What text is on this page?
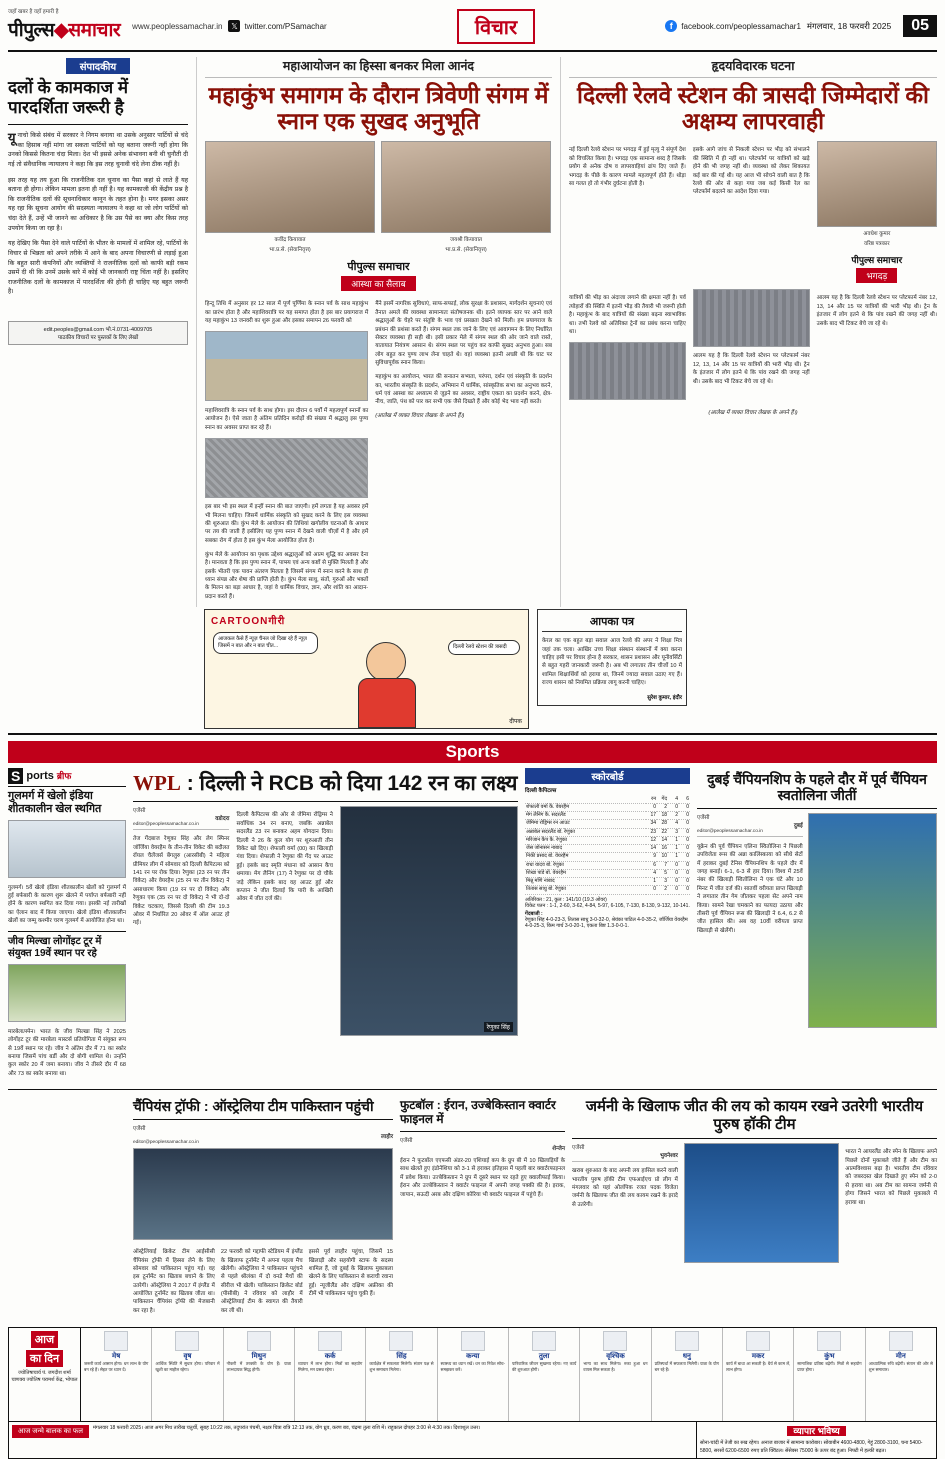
जहाँ खबर है वहाँ हमारी है
पीपुल्स◆समाचार www.peoplessamachar.in	𝕏 twitter.com/PSamachar	विचार	f	facebook.com/peoplessamachar1 मंगलवार, 18 फरवरी 2025	05
संपादकीय
दलों के कामकाज में पारदर्शिता जरूरी है

यूनाचो किसे संबंध में सरकार ने निगम बनाया था उसके अनुसार पार्टियों से चंदे का हिसाब नहीं मांगा जा सकता पार्टियों को यह बताना जरूरी नहीं होगा कि उनको किससे कितना चंदा मिला। देश भी इससे अनेक संभावना बनी थी चुनौती दी गई तो संवैधानिक न्यायालय ने कहा कि इस तरह चुनावी चंदे लेना ठीक नहीं है।

इस तरह यह तय हुआ कि राजनीतिक दल चुनाव का पैसा कहां से लाते हैं यह बताना ही होगा। लेकिन मामला इतना ही नहीं है। यह कामकाजी की केंद्रीय प्रश्न है कि राजनीतिक दलों की सूचनाधिकार कानून के तहत होना है। मगर इसका असर यह रहा कि सूचना आयोग की सदस्यता न्यायालय ने कहा था जो लोग पार्टियों को चंदा देते हैं, उन्हें भी जानने का अधिकार है कि उस पैसे का क्या और किस तरह उपयोग किया जा रहा है।

यह देखिए कि पैसा देने वाले पार्टियों के भीतर के मामलों में शामिल रहे, पार्टियों के विचार से भिन्नता को अपने तरीके में आने के बाद अपना विचारणी से लड़ाई हुआ कि बहुत सारी कंपनियों और व्यक्तियों ने राजनीतिक दलों को काफी बड़ी रकम उसमें दी थी कि उनमें उसके बारे में कोई भी जानकारी राष्ट्र चिंता नहीं है। इसलिए राजनीतिक दलों के कामकाज में पारदर्शिता की होनी ही चाहिए यह बहुत जरूरी है।

edit.peoples@gmail.com भो.नं.0731-4009705
पाठकीय विचारों पर पुस्तकों के लिए लेखों
महाआयोजन का हिस्सा बनकर मिला आनंद
महाकुंभ समागम के दौरान त्रिवेणी संगम में स्नान एक सुखद अनुभूति
कवींद्र कियावात
भा.प्र.से. (सेवानिवृत्त)
जयश्री कियावात
भा.प्र.से. (सेवानिवृत्त)
पीपुल्स समाचार
आस्था का सैलाब

हिन्दू तिथि में अनुसार हर 12 साल में पूर्ण पूर्णिमा के स्नान पर्व के साथ महाकुंभ का प्रारंभ होता है और महाशिवरात्रि पर यह समाप्त होता है इस बार प्रयागराज में यह महाकुंभ 13 जनवरी का शुरू हुआ और इसका समापन 26 फरवरी को

महाशिवरात्रि के स्नान पर्व के साथ होगा। इस दौरान 6 पर्वों में महत्वपूर्ण स्नानों का आयोजन है। ऐसे जाता है अंतिम प्रतिदिन करोड़ों की संख्या में श्रद्धालु इस पुण्य स्नान का अवसर प्राप्त कर रहे हैं।

इस बार भी इस स्थल में इन्हीं स्नान की बात जाएगी। हमें लगता है यह अवसर हमें भी मिलना चाहिए। जिसमें धार्मिक संस्कृति को सुखद करने के लिए इस व्यवस्था की शुरुआत की। कुंभ मेले के आयोजन की तिथियां खगोलीय घटनाओं के आधार पर तय की जाती हैं इसीलिए यह पुण्य स्नान में देखने वाली चीज़ों में है और हमें सबका रोग में होता है इस कुंभ मेला आयोजित होता है।

कुंभ मेले के आयोजन का पृथक उद्देश्य श्रद्धालुओं को आत्म शुद्धि का अवसर देना है। मानवता है कि इस पुण्य स्नान में, पाप्स्य एवं अन्य कष्टों से मुक्ति मिलती है और इसके भीतरी एक पावन अंतरण मिलता है जिसमें संगम में स्नान करने के साथ ही ध्यान संपन्न और शेषा की प्राप्ति होती है। कुंभ मेला साधु, संतों, गुरुओं और भक्तों के मिलन का बड़ा आधार है, जहां वे धार्मिक विचार, ज्ञान, और शांति का आदान-प्रदान करते हैं।

मैंने इसमें नागरिक सुविधाएं, साफ-सफाई, लोक सुरक्षा के प्रशासन, मार्गदर्शन सूचनाएं एवं तैनात अमले की व्यवस्था सामान्यतः संतोषजनक थी। इतने व्यापक स्तर पर आने वाले श्रद्धालुओं के चेहरे पर संतुष्टि के भाव एवं प्रसन्नता देखने को मिली। हम प्रयागराज के प्रबंधन की प्रशंसा करते हैं। संगम स्थल तक जाने के लिए एवं आवागमन के लिए निर्धारित सेक्टर व्यवस्था ही सही थी। इसी प्रकार मेले में संगम स्थल की ओर जाने वाले रास्ते, यातायात नियंत्रण आसान थे। संगम स्थल पर पहुंच कर काफी सुखद अनुभव हुआ। सब लोग बहुत कर पुण्य लाभ लेना चाहते थे। वहां व्यवस्था इतनी अच्छी थी कि घाट पर सुविधापूर्वक स्नान किया।

महाकुंभ का आयोजन, भारत की सनातन सभ्यता, परंपरा, दर्शन एवं संस्कृति के प्रदर्शन का, भारतीय संस्कृति के प्रदर्शन, अभिमान में धार्मिक, सांस्कृतिक सभा का अनुभव करने, धर्म एवं आस्था का अध्यात्म से जुड़ने का अवसर, राष्ट्रीय एकता का प्रदर्शन करने, क्षेत्र-नीच, जाति, पंथ को पार कर सभी एक जैसे दिखते हैं और कोई भेद भाव नहीं करते।

(आलेख में व्यक्त विचार लेखक के अपने हैं।)

हृदयविदारक घटना
दिल्ली रेलवे स्टेशन की त्रासदी जिम्मेदारों की अक्षम्य लापरवाही

नई दिल्ली रेलवे स्टेशन पर भगदड़ में हुई मृत्यु ने संपूर्ण देश को विचलित किया है। भगदड़ एक सामान्य शब्द है जिसके प्रयोग से अनेक दोष व लापरवाहियां ढांप दिए जाते हैं। भगदड़ के पीछे के कारण मामले महत्वपूर्ण होते हैं। थोड़ा सा गलत हो तो गंभीर दुर्घटना होती है।

इसके आगे जांच से निकली स्टेशन पर भीड़ को संभालने की स्थिति में ही नहीं था। प्लेटफॉर्म पर यात्रियों को खड़े होने की भी जगह नहीं थी। व्यवस्था को लेकर शिकायत कई बार की गई थी। यह आज भी सोचने वाली बात है कि रेलवे की ओर से कहा गया जब कई किसी रेल का प्लेटफॉर्म बदलने का आदेश दिया गया।

अवधेश कुमार
वरिष्ठ पत्रकार
पीपुल्स समाचार
भगदड़

यात्रियों की भीड़ का अंदाजा लगाने की क्षमता नहीं है। पर्व त्योहारों की स्थिति में इतनी भीड़ की तैयारी भी जरूरी होती है। महाकुंभ के बाद यात्रियों की संख्या बढ़ना स्वाभाविक था। तभी रेलवे को अतिरिक्त ट्रेनों का प्रबंध करना चाहिए था।

आलम यह है कि दिल्ली रेलवे स्टेशन पर प्लेटफार्म नंबर 12, 13, 14 और 15 पर यात्रियों की भारी भीड़ थी। ट्रेन के इंतजार में लोग इतने थे कि पांव रखने की जगह नहीं थी। उसके बाद भी टिकट बेचे जा रहे थे।

आलम यह है कि दिल्ली रेलवे स्टेशन पर प्लेटफार्म नंबर 12, 13, 14 और 15 पर यात्रियों की भारी भीड़ थी। ट्रेन के इंतजार में लोग इतने थे कि पांव रखने की जगह नहीं थी। उसके बाद भी टिकट बेचे जा रहे थे।

(आलेख में व्यक्त विचार लेखक के अपने हैं।)

CARTOONगीरी
आजकल कैसे हैं न्यूज़ चैनल जो दिखा रहे हैं न्यूज़ जिसमें न बात और न बात चीत...	दिल्ली रेलवे स्टेशन की त्रासदी
दीपक
आपका पत्र

केरल का एक बहुत बड़ा सवाल आज रेलवे की अपर ने शिक्षा मित्र जहां तक चला। आखिर उच्च शिक्षा संस्थान संस्थानों में क्या करना चाहिए इसी पर विचार होना है सरकार, शासन प्रशासन और यूनीवर्सिटी से बहुत गहरी जानकारी जरूरी है। अब भी लगातार तीन चीजों 10 में शामिल शिक्षार्थियों को हराया था, जिनमें ज्यादा सवाल उठाए गए हैं। राज्य शासन को नियमित प्रक्रिया लागू करनी चाहिए।

सुरेश कुमार, इंदौर
Sports
S ports ब्रीफ
गुलमर्ग में खेलो इंडिया शीतकालीन खेल स्थगित

गुलमर्ग। 5वें खेलो इंडिया शीतकालीन खेलों को गुलमर्ग में हुई बर्फबारी के कारण शुरू खेलने में पर्याप्त बर्फबारी नहीं होने के कारण स्थगित कर दिया गया। इसकी नई तारीखों का ऐलान बाद में किया जाएगा। खेलो इंडिया शीतकालीन खेलों का जम्मू कश्मीर चरण गुलमर्ग में आयोजित होना था।

जीव मिल्खा लोगोंइट टूर में संयुक्त 19वें स्थान पर रहे

मारबेला/स्पेन। भारत के जीव मिल्खा सिंह ने 2025 लोगोंइट टूर की मारबेला मास्टर्स प्रतियोगिता में संयुक्त रूप से 19वें स्थान पर रहे। जीव ने अंतिम दौर में 71 का स्कोर बनाया जिसमें पांच बर्डी और दो बोगी शामिल थे। उन्होंने कुल स्कोर 20 में जमा बनाया। जीव ने तीसरे दौर में 68 और 73 का स्कोर बनाया था।

WPL : दिल्ली ने RCB को दिया 142 रन का लक्ष्य
एजेंसी
वडोदरा
editor@peoplessamachar.co.in

तेज गेंदबाज रेणुका सिंह और लेग स्पिनर जॉर्जिया वेयरहैम के तीन-तीन विकेट की बदौलत रॉयल चैलेंजर्स बेंगलुरु (आरसीबी) ने महिला प्रीमियर लीग में सोमवार को दिल्ली कैपिटल्स को 141 रन पर रोक दिया। रेणुका (23 रन पर तीन विकेट) और वेयरहैम (25 रन पर तीन विकेट) ने असाधारण किया (19 रन पर दो विकेट) और रेणुका एक (35 रन पर दो विकेट) ने भी दो-दो विकेट चटकाए, जिससे दिल्ली की टीम 19.3 ओवर में निर्धारित 20 ओवर में ऑल आउट हो गई।

दिल्ली कैपिटल्स की ओर से जेमिमा रोड्रिग्स ने सर्वाधिक 34 रन बनाए, जबकि अन्नाबेल सदरलैंड 23 रन बनाकर अहम योगदान दिया। दिल्ली ने 26 के कुल योग पर शुरुआती तीन विकेट खो दिए। शेफाली वर्मा (00) का खिलाड़ी गंवा दिया। शेफाली ने रेणुका की गेंद पर आउट हुई। इसके बाद स्मृति मंधाना को आसान कैच थमाया। मेग लैनिंग (17) ने रेणुका पर दो चौके जड़े लेकिन इसके बाद वह आउट हुई और कप्तान ने जीत दिलाई कि पारी के आखिरी ओवर में जीत दर्ज की।

रेणुका सिंह
स्कोरबोर्ड
दिल्ली कैपिटल्स
	रन	गेंद	4	6
शेफाली वर्मा कै. वेयरहैम	0	2	0	0
मेग लैनिंग कै. सदरलैंड	17	18	2	0
जेमिमा रोड्रिग्स रन आउट	34	28	4	0
अन्नाबेल सदरलैंड बो. रेणुका	23	22	3	0
मरिजान कैप कै. रेणुका	12	14	1	0
जेस जोनासन नाबाद	14	16	1	0
निकी प्रसाद बो. वेयरहैम	9	10	1	0
राधा यादव बो. रेणुका	6	7	0	0
शिखा पांडे बो. वेयरहैम	4	5	0	0
मिन्नू मणि नाबाद	1	3	0	0
तितास साधु बो. रेणुका	0	2	0	0
अतिरिक्त : 21, कुल : 141/10 (19.3 ओवर)
विकेट पतन : 1-1, 2-60, 3-62, 4-84, 5-97, 6-105, 7-130, 8-130, 9-132, 10-141.
गेंदबाजी :
रेणुका सिंह 4-0-23-3, तितास साधु 3-0-32-0, श्रेयंका पाटिल 4-0-35-2, जॉर्जिया वेयरहैम 4-0-25-3, किम गार्थ 3-0-20-1, एकता बिष्ट 1.3-0-0-1.
दुबई चैंपियनशिप के पहले दौर में पूर्व चैंपियन स्वतोलिना जीतीं
एजेंसी
दुबई
editor@peoplessamachar.co.in

यूक्रेन की पूर्व चैंपियन एलिना स्वितोलिना ने पिछली उपविजेता रूस की अन्ना कालिंस्काया को सीधे सेटों में हराकर दुबई टेनिस चैंपियनशिप के पहले दौर में जगह बनाई। 6-1, 6-3 से हार दिया। विश्व में 25वें नंबर की खिलाड़ी स्वितोलिना ने एक घंटे और 10 मिनट में जीत दर्ज की। सातवीं वरीयता प्राप्त खिलाड़ी ने लगातार तीन गेम जीतकर पहला सेट अपने नाम किया। सामने रेखा चमकाने का फायदा उठाया और तीसरी पूर्व चैंपियन रूस की खिलाड़ी ने 6.4, 6.2 से जीत हासिल की। अब वह 10वीं वरीयता प्राप्त खिलाड़ी से खेलेंगी।

चैंपियंस ट्रॉफी : ऑस्ट्रेलिया टीम पाकिस्तान पहुंची
एजेंसी
लाहौर
editor@peoplessamachar.co.in

ऑस्ट्रेलियाई क्रिकेट टीम आईसीसी चैंपियंस ट्रॉफी में हिस्सा लेने के लिए सोमवार को पाकिस्तान पहुंच गई। वह इस टूर्नामेंट का खिताब बचाने के लिए उतरेगी। ऑस्ट्रेलिया ने 2017 में इंग्लैंड में आयोजित टूर्नामेंट का खिताब जीता था। पाकिस्तान चैंपियंस ट्रॉफी की मेजबानी कर रहा है।

22 फरवरी को गद्दाफी स्टेडियम में इंग्लैंड के खिलाफ टूर्नामेंट में अपना पहला मैच खेलेगी। ऑस्ट्रेलिया ने पाकिस्तान पहुंचने से पहले श्रीलंका में दो वनडे मैचों की सीरीज भी खेली। पाकिस्तान क्रिकेट बोर्ड (पीसीबी) ने रविवार को लाहौर में ऑस्ट्रेलियाई टीम के स्वागत की तैयारी कर ली थी।

इससे पूर्व लाहौर पहुंचा, जिसमें 15 खिलाड़ी और सहयोगी स्टाफ के सदस्य शामिल हैं, जो दुबई के खिलाफ मुकाबला खेलने के लिए पाकिस्तान से कराची रवाना हुई। न्यूजीलैंड और दक्षिण अफ्रीका की टीमें भी पाकिस्तान पहुंच चुकी हैं।

फुटबॉल : ईरान, उज्बेकिस्तान क्वार्टर फाइनल में
एजेंसी
शेन्जेन

ईरान ने फुटबॉल एएफसी अंडर-20 एशियाई कप के ग्रुप बी में 10 खिलाड़ियों के साथ खेलते हुए इंडोनेशिया को 3-1 से हराकर इतिहास में पहली बार क्वार्टरफाइनल में प्रवेश किया। उज्बेकिस्तान ने ग्रुप में दूसरे स्थान पर रहते हुए क्वालीफाई किया। ईरान और उज्बेकिस्तान ने क्वार्टर फाइनल में अपनी जगह पक्की की है। इराक, जापान, सऊदी अरब और दक्षिण कोरिया भी क्वार्टर फाइनल में पहुंचे हैं।

जर्मनी के खिलाफ जीत की लय को कायम रखने उतरेगी भारतीय पुरुष हॉकी टीम
एजेंसी
भुवनेश्वर

खराब शुरुआत के बाद अपनी लय हासिल करने वाली भारतीय पुरुष हॉकी टीम एफआईएच प्रो लीग में मंगलवार को यहां ओलंपिक रजत पदक विजेता जर्मनी के खिलाफ जीत की लय कायम रखने के इरादे से उतरेगी।

भारत ने आयरलैंड और स्पेन के खिलाफ अपने पिछले दोनों मुकाबले जीते हैं और टीम का आत्मविश्वास बढ़ा है। भारतीय टीम रविवार को जबरदस्त खेल दिखाते हुए स्पेन को 2-0 से हराया था। अब टीम का सामना जर्मनी से होगा जिसने भारत को पिछले मुकाबले में हराया था।

आज का दिन
ज्योतिषाचार्य पं. जगदीश शर्मा चाणक्य ज्योतिष परामर्श केंद्र, भोपाल
मेष
जरूरी कार्य आसान होगा। धन लाभ के योग बन रहे हैं। सेहत पर ध्यान दें।
वृष
आर्थिक स्थिति में सुधार होगा। परिवार में खुशी का माहौल रहेगा।
मिथुन
नौकरी में तरक्की के योग हैं। यात्रा लाभदायक सिद्ध होगी।
कर्क
व्यापार में लाभ होगा। मित्रों का सहयोग मिलेगा, मन प्रसन्न रहेगा।
सिंह
कार्यक्षेत्र में सफलता मिलेगी। संतान पक्ष से शुभ समाचार मिलेगा।
कन्या
स्वास्थ्य का ध्यान रखें। धन का निवेश सोच-समझकर करें।
तुला
पारिवारिक जीवन सुखमय रहेगा। नए कार्य की शुरुआत होगी।
वृश्चिक
भाग्य का साथ मिलेगा। रुका हुआ धन वापस मिल सकता है।
धनु
प्रतिस्पर्धा में सफलता मिलेगी। यात्रा के योग बन रहे हैं।
मकर
कार्य में बाधा आ सकती है। धैर्य से काम लें, लाभ होगा।
कुंभ
सामाजिक प्रतिष्ठा बढ़ेगी। मित्रों से सहयोग प्राप्त होगा।
मीन
आध्यात्मिक रुचि बढ़ेगी। संतान की ओर से शुभ समाचार।
आज जन्मे बालक का फल	मंगलवार 18 फरवरी 2025। आज अगर मिथ तारीख चतुर्थी, सुबह 10:22 तक, तदुपरांत पंचमी, नक्षत्र चित्रा रात्रि 12:13 तक, योग ध्रुव, करण बव, चंद्रमा तुला राशि में। राहुकाल दोपहर 3:00 से 4:30 तक। दिशाशूल उत्तर।	व्यापार भविष्य
सोना-चांदी में तेजी का रुख रहेगा। अनाज बाजार में सामान्य कारोबार। सोयाबीन 4600-4800, गेहूं 2800-3100, चना 5400-5800, सरसों 6200-6500 रुपए प्रति क्विंटल। सेंसेक्स 75000 के ऊपर बंद हुआ। निफ्टी में हल्की बढ़त।
